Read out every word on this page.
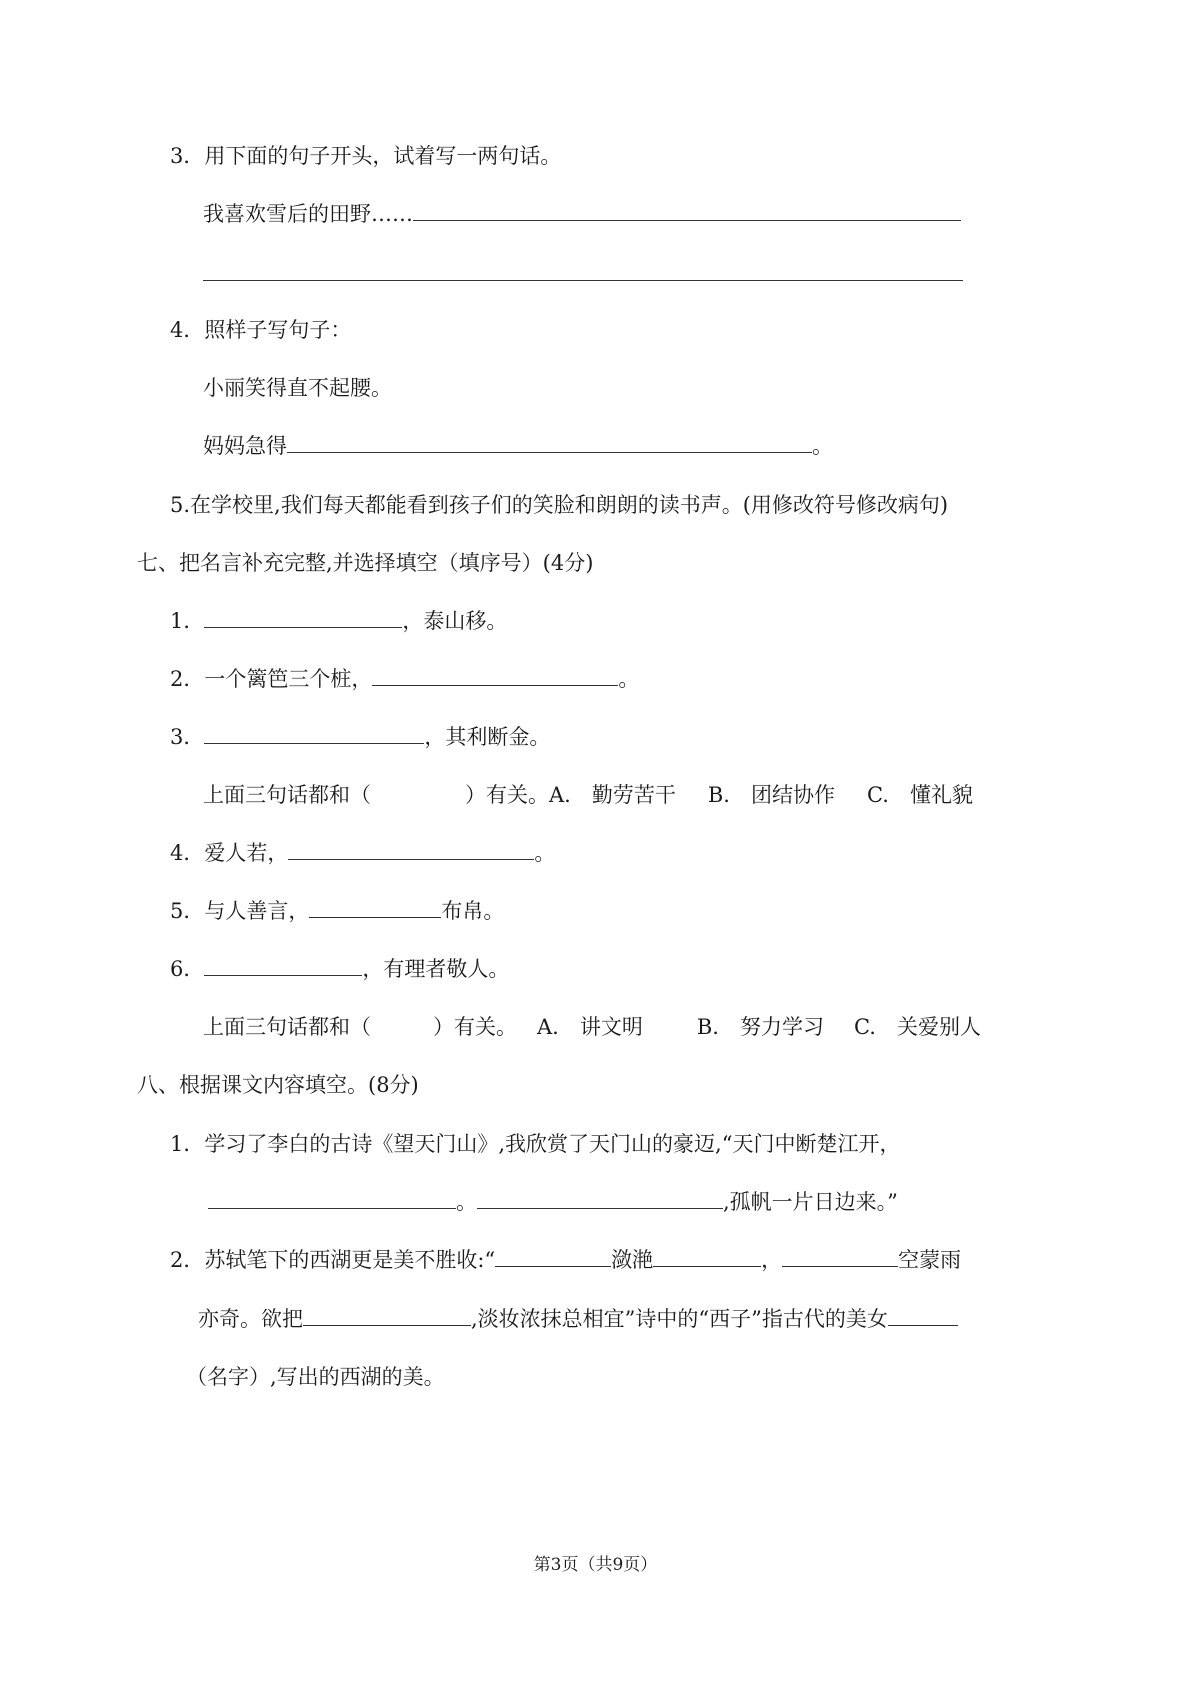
3．用下面的句子开头，试着写一两句话。
我喜欢雪后的田野……
4．照样子写句子：
小丽笑得直不起腰。
妈妈急得	。
5.在学校里,我们每天都能看到孩子们的笑脸和朗朗的读书声。(用修改符号修改病句)
七、把名言补充完整,并选择填空（填序号）(4分)
1．	，泰山移。
2．一个篱笆三个桩，	。
3．	，其利断金。
上面三句话都和（	）有关。A.　勤劳苦干 B.　团结协作 C.　懂礼貌
4．爱人若，	。
5．与人善言，	布帛。
6．	，有理者敬人。
上面三句话都和（	）有关。 A.　讲文明	B.　努力学习 C.　关爱别人
八、根据课文内容填空。(8分)
1．学习了李白的古诗《望天门山》,我欣赏了天门山的豪迈,“天门中断楚江开，
。	,孤帆一片日边来。”
2．苏轼笔下的西湖更是美不胜收:“	潋滟	，	空蒙雨
亦奇。欲把	,淡妆浓抹总相宜”诗中的“西子”指古代的美女
（名字）,写出的西湖的美。
第3页（共9页）
